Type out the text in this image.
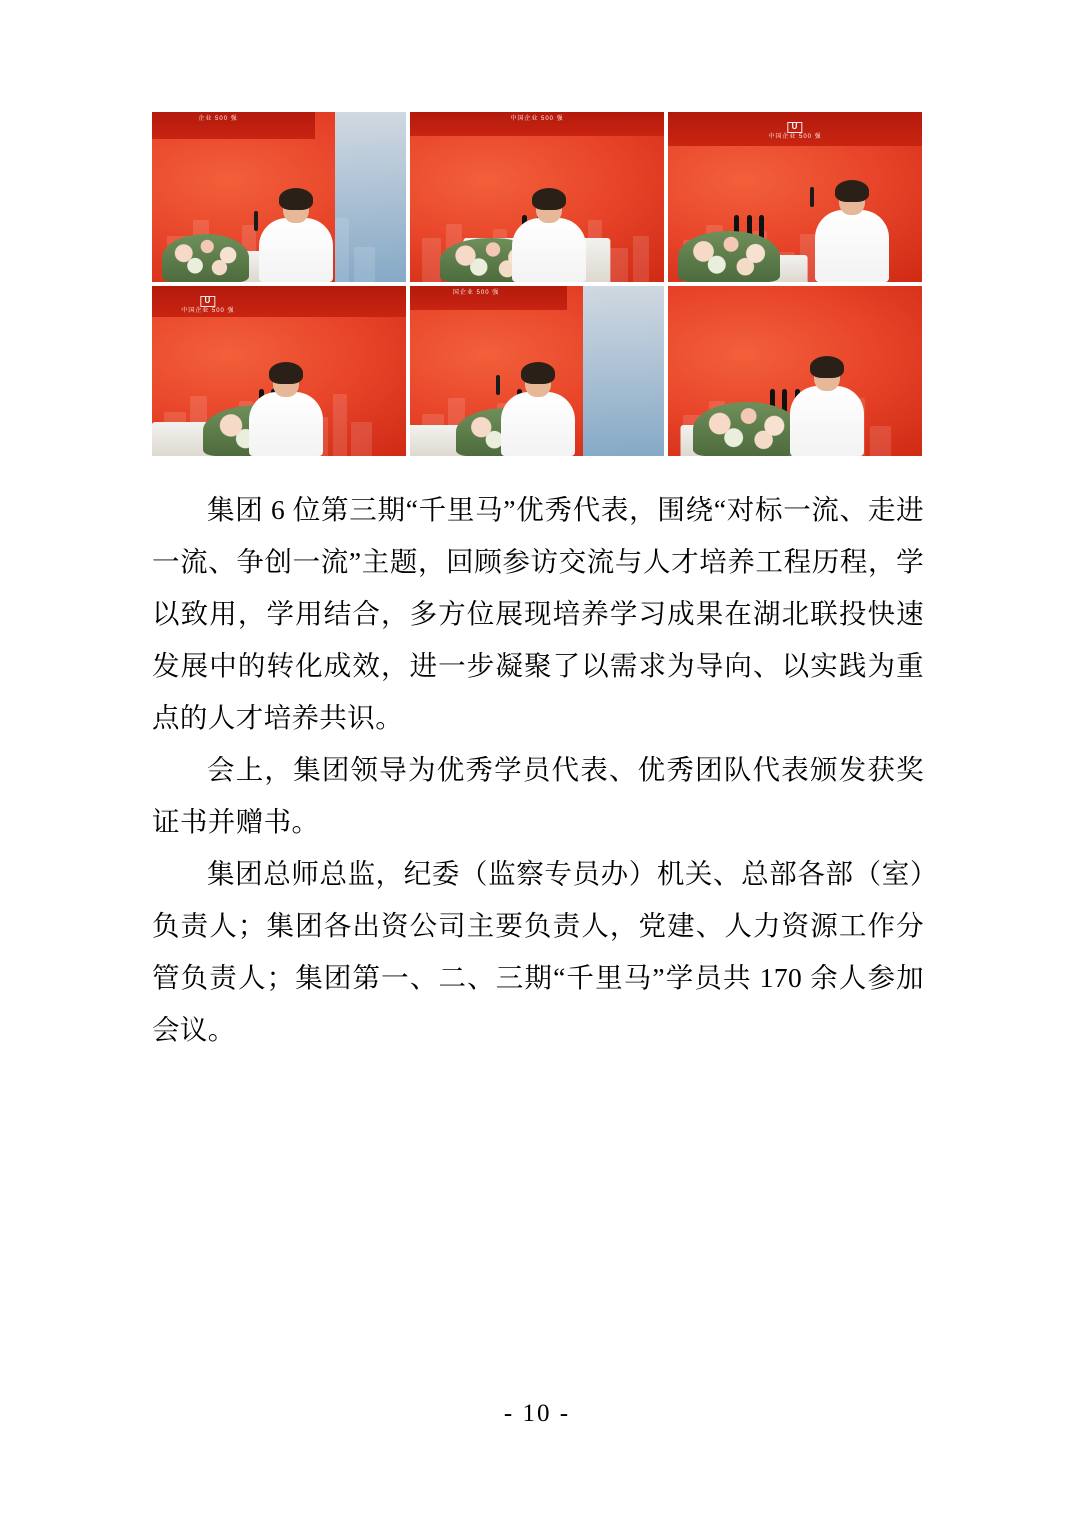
企业 500 强	中国企业 500 强
U
中国企业 500 强
U
中国企业 500 强
国企业 500 强

集团 6 位第三期“千里马”优秀代表，围绕“对标一流、走进一流、争创一流”主题，回顾参访交流与人才培养工程历程，学以致用，学用结合，多方位展现培养学习成果在湖北联投快速发展中的转化成效，进一步凝聚了以需求为导向、以实践为重点的人才培养共识。

会上，集团领导为优秀学员代表、优秀团队代表颁发获奖证书并赠书。

集团总师总监，纪委（监察专员办）机关、总部各部（室）负责人；集团各出资公司主要负责人，党建、人力资源工作分管负责人；集团第一、二、三期“千里马”学员共 170 余人参加会议。

- 10 -
